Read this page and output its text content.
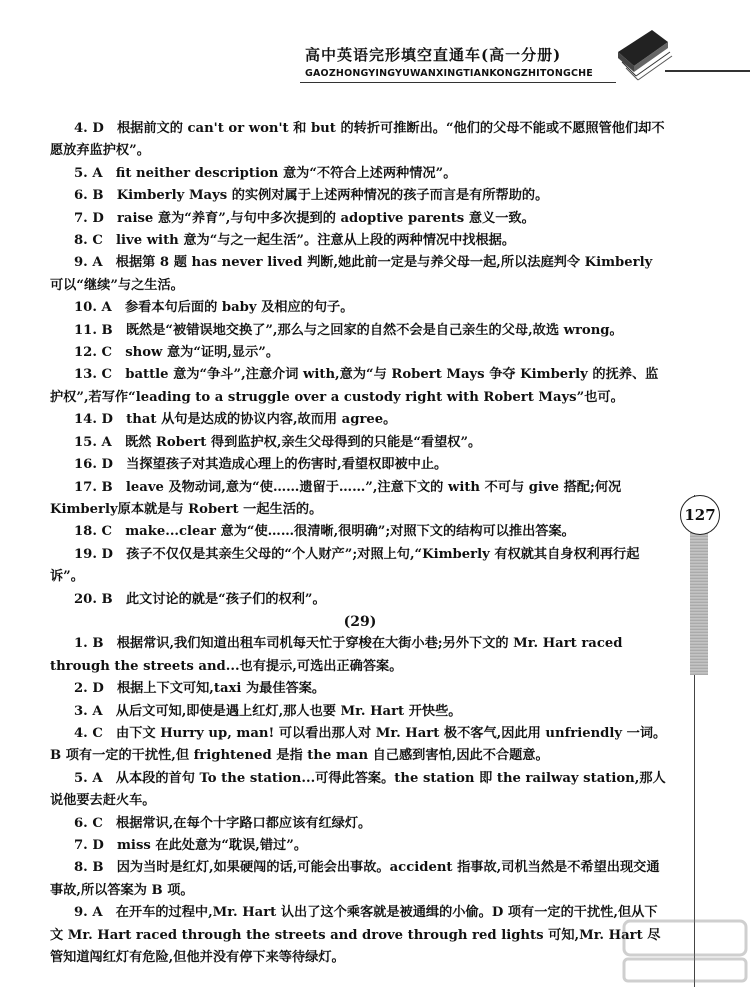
高中英语完形填空直通车(高一分册)
GAOZHONGYINGYUWANXINGTIANKONGZHITONGCHE

4. D　根据前文的 can't or won't 和 but 的转折可推断出。“他们的父母不能或不愿照管他们却不愿放弃监护权”。

5. A　fit neither description 意为“不符合上述两种情况”。

6. B　Kimberly Mays 的实例对属于上述两种情况的孩子而言是有所帮助的。

7. D　raise 意为“养育”,与句中多次提到的 adoptive parents 意义一致。

8. C　live with 意为“与之一起生活”。注意从上段的两种情况中找根据。

9. A　根据第 8 题 has never lived 判断,她此前一定是与养父母一起,所以法庭判令 Kimberly 可以“继续”与之生活。

10. A　参看本句后面的 baby 及相应的句子。

11. B　既然是“被错误地交换了”,那么与之回家的自然不会是自己亲生的父母,故选 wrong。

12. C　show 意为“证明,显示”。

13. C　battle 意为“争斗”,注意介词 with,意为“与 Robert Mays 争夺 Kimberly 的抚养、监护权”,若写作“leading to a struggle over a custody right with Robert Mays”也可。

14. D　that 从句是达成的协议内容,故而用 agree。

15. A　既然 Robert 得到监护权,亲生父母得到的只能是“看望权”。

16. D　当探望孩子对其造成心理上的伤害时,看望权即被中止。

17. B　leave 及物动词,意为“使……遗留于……”,注意下文的 with 不可与 give 搭配;何况 Kimberly原本就是与 Robert 一起生活的。

18. C　make...clear 意为“使……很清晰,很明确”;对照下文的结构可以推出答案。

19. D　孩子不仅仅是其亲生父母的“个人财产”;对照上句,“Kimberly 有权就其自身权利再行起诉”。

20. B　此文讨论的就是“孩子们的权利”。

(29)

1. B　根据常识,我们知道出租车司机每天忙于穿梭在大街小巷;另外下文的 Mr. Hart raced through the streets and...也有提示,可选出正确答案。

2. D　根据上下文可知,taxi 为最佳答案。

3. A　从后文可知,即使是遇上红灯,那人也要 Mr. Hart 开快些。

4. C　由下文 Hurry up, man! 可以看出那人对 Mr. Hart 极不客气,因此用 unfriendly 一词。B 项有一定的干扰性,但 frightened 是指 the man 自己感到害怕,因此不合题意。

5. A　从本段的首句 To the station...可得此答案。the station 即 the railway station,那人说他要去赶火车。

6. C　根据常识,在每个十字路口都应该有红绿灯。

7. D　miss 在此处意为“耽误,错过”。

8. B　因为当时是红灯,如果硬闯的话,可能会出事故。accident 指事故,司机当然是不希望出现交通事故,所以答案为 B 项。

9. A　在开车的过程中,Mr. Hart 认出了这个乘客就是被通缉的小偷。D 项有一定的干扰性,但从下文 Mr. Hart raced through the streets and drove through red lights 可知,Mr. Hart 尽管知道闯红灯有危险,但他并没有停下来等待绿灯。

127
